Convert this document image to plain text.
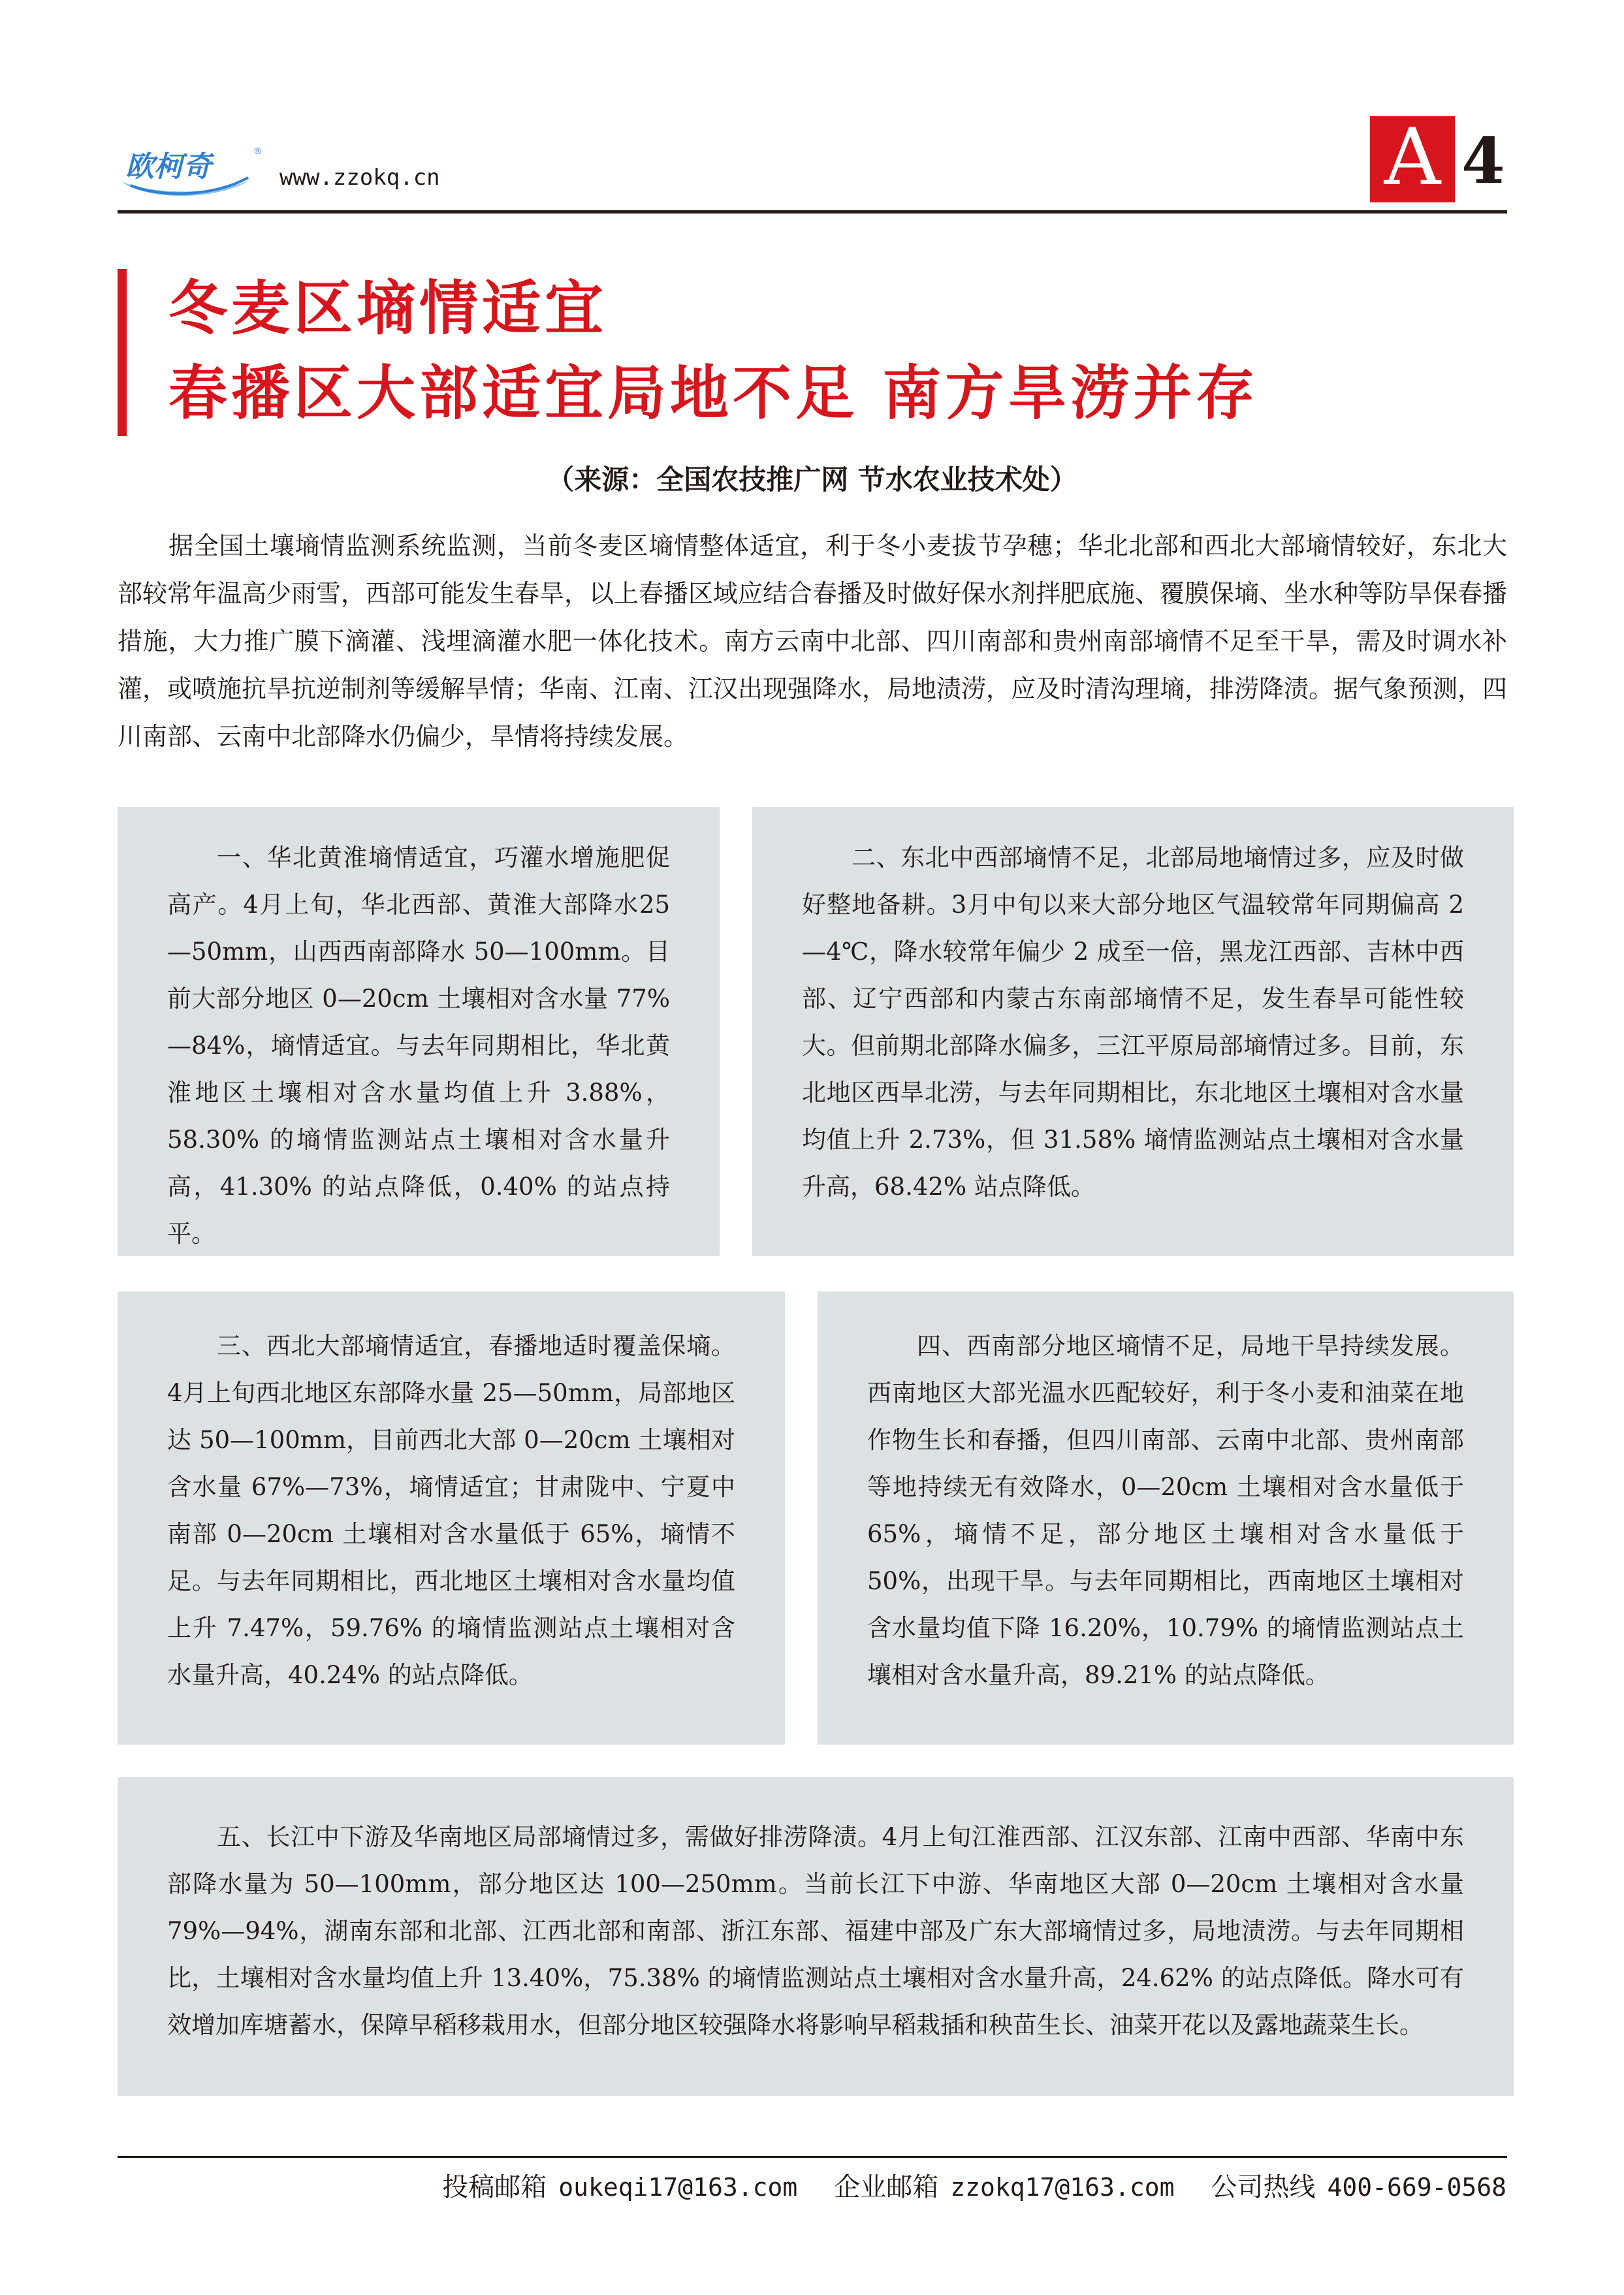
欧柯奇	®
www.zzokq.cn	A 4
冬麦区墒情适宜
春播区大部适宜局地不足 南方旱涝并存
（来源：全国农技推广网 节水农业技术处）
据全国土壤墒情监测系统监测，当前冬麦区墒情整体适宜，利于冬小麦拔节孕穗；华北北部和西北大部墒情较好，东北大部较常年温高少雨雪，西部可能发生春旱，以上春播区域应结合春播及时做好保水剂拌肥底施、覆膜保墒、坐水种等防旱保春播措施，大力推广膜下滴灌、浅埋滴灌水肥一体化技术。南方云南中北部、四川南部和贵州南部墒情不足至干旱，需及时调水补灌，或喷施抗旱抗逆制剂等缓解旱情；华南、江南、江汉出现强降水，局地渍涝，应及时清沟理墒，排涝降渍。据气象预测，四川南部、云南中北部降水仍偏少，旱情将持续发展。

一、华北黄淮墒情适宜，巧灌水增施肥促高产。4月上旬，华北西部、黄淮大部降水25—50mm，山西西南部降水 50—100mm。目前大部分地区 0—20cm 土壤相对含水量 77%—84%，墒情适宜。与去年同期相比，华北黄淮地区土壤相对含水量均值上升 3.88%，58.30% 的墒情监测站点土壤相对含水量升高，41.30% 的站点降低，0.40% 的站点持平。

二、东北中西部墒情不足，北部局地墒情过多，应及时做好整地备耕。3月中旬以来大部分地区气温较常年同期偏高 2—4℃，降水较常年偏少 2 成至一倍，黑龙江西部、吉林中西部、辽宁西部和内蒙古东南部墒情不足，发生春旱可能性较大。但前期北部降水偏多，三江平原局部墒情过多。目前，东北地区西旱北涝，与去年同期相比，东北地区土壤相对含水量均值上升 2.73%，但 31.58% 墒情监测站点土壤相对含水量升高，68.42% 站点降低。

三、西北大部墒情适宜，春播地适时覆盖保墒。4月上旬西北地区东部降水量 25—50mm，局部地区达 50—100mm，目前西北大部 0—20cm 土壤相对含水量 67%—73%，墒情适宜；甘肃陇中、宁夏中南部 0—20cm 土壤相对含水量低于 65%，墒情不足。与去年同期相比，西北地区土壤相对含水量均值上升 7.47%，59.76% 的墒情监测站点土壤相对含水量升高，40.24% 的站点降低。

四、西南部分地区墒情不足，局地干旱持续发展。西南地区大部光温水匹配较好，利于冬小麦和油菜在地作物生长和春播，但四川南部、云南中北部、贵州南部等地持续无有效降水，0—20cm 土壤相对含水量低于 65%，墒情不足，部分地区土壤相对含水量低于 50%，出现干旱。与去年同期相比，西南地区土壤相对含水量均值下降 16.20%，10.79% 的墒情监测站点土壤相对含水量升高，89.21% 的站点降低。

五、长江中下游及华南地区局部墒情过多，需做好排涝降渍。4月上旬江淮西部、江汉东部、江南中西部、华南中东部降水量为 50—100mm，部分地区达 100—250mm。当前长江下中游、华南地区大部 0—20cm 土壤相对含水量 79%—94%，湖南东部和北部、江西北部和南部、浙江东部、福建中部及广东大部墒情过多，局地渍涝。与去年同期相比，土壤相对含水量均值上升 13.40%，75.38% 的墒情监测站点土壤相对含水量升高，24.62% 的站点降低。降水可有效增加库塘蓄水，保障早稻移栽用水，但部分地区较强降水将影响早稻栽插和秧苗生长、油菜开花以及露地蔬菜生长。

投稿邮箱 oukeqi17@163.com 企业邮箱 zzokq17@163.com 公司热线 400-669-0568
